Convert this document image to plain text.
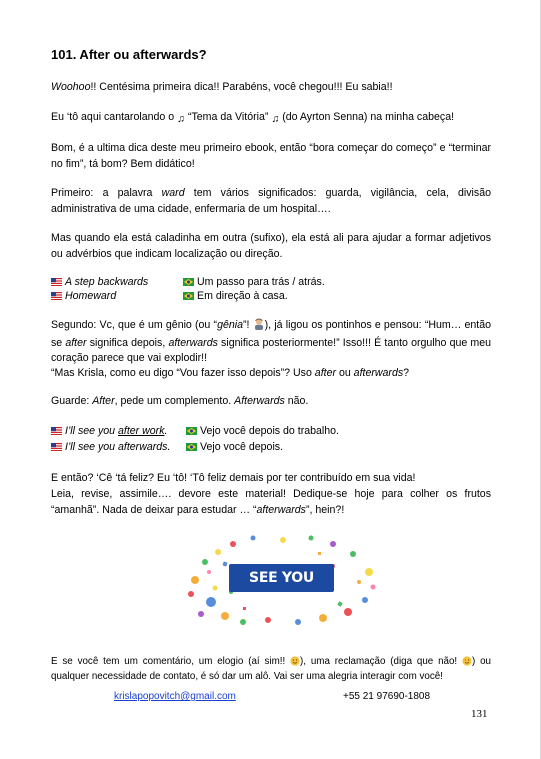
101. After ou afterwards?

Woohoo!! Centésima primeira dica!! Parabéns, você chegou!!! Eu sabia!!

Eu ‘tô aqui cantarolando o ♫ “Tema da Vitória” ♫ (do Ayrton Senna) na minha cabeça!

Bom, é a ultima dica deste meu primeiro ebook, então “bora começar do começo” e “terminar no fim”, tá bom? Bem didático!

Primeiro: a palavra ward tem vários significados: guarda, vigilância, cela, divisão administrativa de uma cidade, enfermaria de um hospital….

Mas quando ela está caladinha em outra (sufixo), ela está ali para ajudar a formar adjetivos ou advérbios que indicam localização ou direção.

A step backwards	Um passo para trás / atrás.
Homeward	Em direção à casa.

Segundo: Vc, que é um gênio (ou “gênia”! ), já ligou os pontinhos e pensou: “Hum… então se after significa depois, afterwards significa posteriormente!” Isso!!! É tanto orgulho que meu coração parece que vai explodir!!

“Mas Krisla, como eu digo “Vou fazer isso depois”? Uso after ou afterwards?

Guarde: After, pede um complemento. Afterwards não.

I’ll see you after work.	Vejo você depois do trabalho.
I’ll see you afterwards.	Vejo você depois.

E então? ‘Cê ‘tá feliz? Eu ‘tô! ‘Tô feliz demais por ter contribuído em sua vida!

Leia, revise, assimile…. devore este material! Dedique-se hoje para colher os frutos “amanhã”. Nada de deixar para estudar … “afterwards”, hein?!

SEE YOU SOON!

E se você tem um comentário, um elogio (aí sim!! ), uma reclamação (diga que não! ) ou qualquer necessidade de contato, é só dar um alô. Vai ser uma alegria interagir com você!

krislapopovitch@gmail.com	+55 21 97690-1808
131
